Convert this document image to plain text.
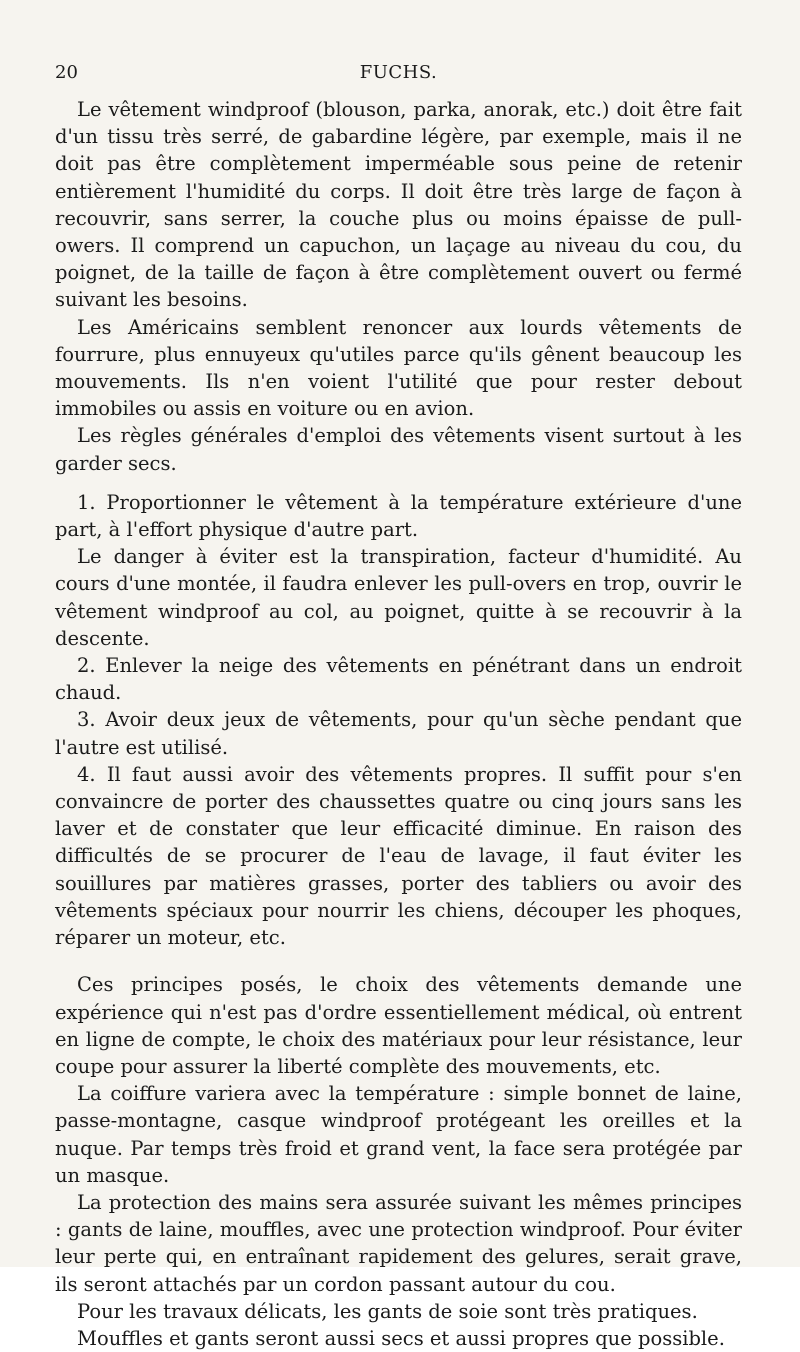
20	FUCHS.

Le vêtement windproof (blouson, parka, anorak, etc.) doit être fait d'un tissu très serré, de gabardine légère, par exemple, mais il ne doit pas être complètement imperméable sous peine de retenir entièrement l'humidité du corps. Il doit être très large de façon à recouvrir, sans serrer, la couche plus ou moins épaisse de pull-owers. Il comprend un capuchon, un laçage au niveau du cou, du poignet, de la taille de façon à être complètement ouvert ou fermé suivant les besoins.

Les Américains semblent renoncer aux lourds vêtements de fourrure, plus ennuyeux qu'utiles parce qu'ils gênent beaucoup les mouvements. Ils n'en voient l'utilité que pour rester debout immobiles ou assis en voiture ou en avion.

Les règles générales d'emploi des vêtements visent surtout à les garder secs.

1. Proportionner le vêtement à la température extérieure d'une part, à l'effort physique d'autre part.

Le danger à éviter est la transpiration, facteur d'humidité. Au cours d'une montée, il faudra enlever les pull-overs en trop, ouvrir le vêtement windproof au col, au poignet, quitte à se recouvrir à la descente.

2. Enlever la neige des vêtements en pénétrant dans un endroit chaud.

3. Avoir deux jeux de vêtements, pour qu'un sèche pendant que l'autre est utilisé.

4. Il faut aussi avoir des vêtements propres. Il suffit pour s'en convaincre de porter des chaussettes quatre ou cinq jours sans les laver et de constater que leur efficacité diminue. En raison des difficultés de se procurer de l'eau de lavage, il faut éviter les souillures par matières grasses, porter des tabliers ou avoir des vêtements spéciaux pour nourrir les chiens, découper les phoques, réparer un moteur, etc.

Ces principes posés, le choix des vêtements demande une expérience qui n'est pas d'ordre essentiellement médical, où entrent en ligne de compte, le choix des matériaux pour leur résistance, leur coupe pour assurer la liberté complète des mouvements, etc.

La coiffure variera avec la température : simple bonnet de laine, passe-montagne, casque windproof protégeant les oreilles et la nuque. Par temps très froid et grand vent, la face sera protégée par un masque.

La protection des mains sera assurée suivant les mêmes principes : gants de laine, mouffles, avec une protection windproof. Pour éviter leur perte qui, en entraînant rapidement des gelures, serait grave, ils seront attachés par un cordon passant autour du cou.

Pour les travaux délicats, les gants de soie sont très pratiques.

Mouffles et gants seront aussi secs et aussi propres que possible.
